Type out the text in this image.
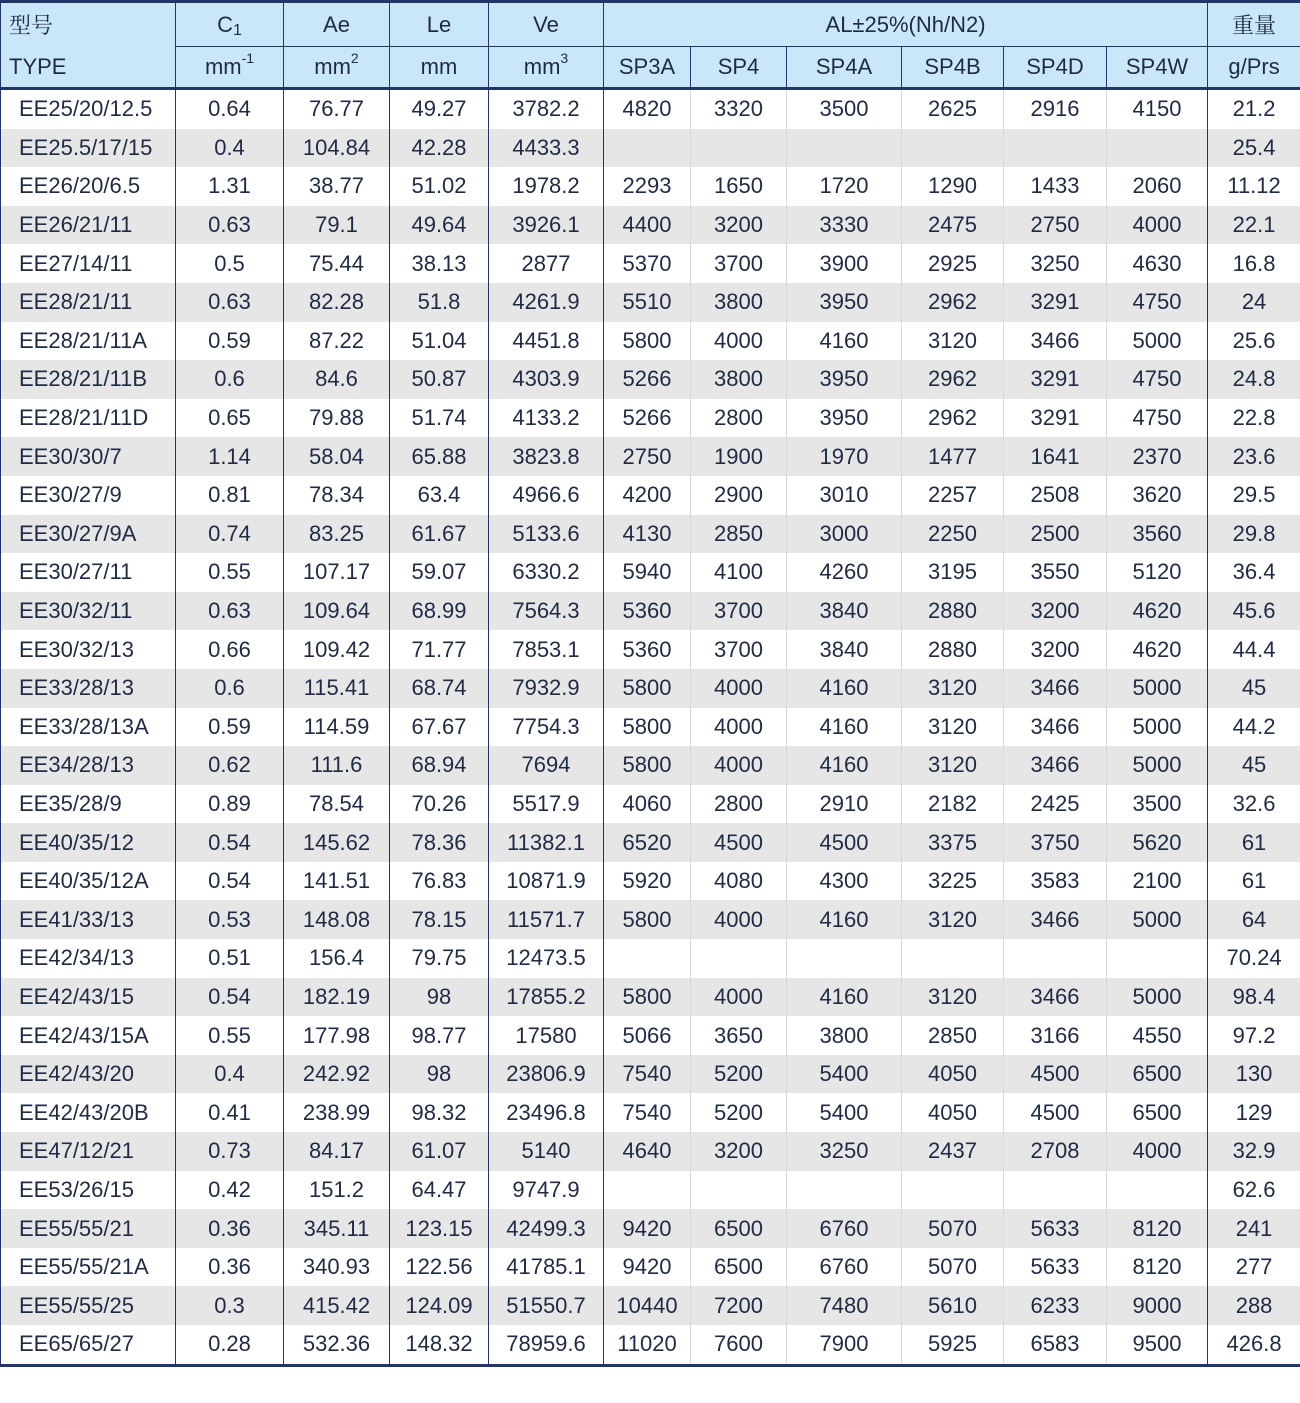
型号	C1	Ae	Le	Ve	AL±25%(Nh/N2)						重量
TYPE	$mm^{-1}$	$mm^2$	mm	$mm^3$	SP3A	SP4	SP4A	SP4B	SP4D	SP4W	g/Prs
EE25/20/12.5	0.64	76.77	49.27	3782.2	4820	3320	3500	2625	2916	4150	21.2
EE25.5/17/15	0.4	104.84	42.28	4433.3							25.4
EE26/20/6.5	1.31	38.77	51.02	1978.2	2293	1650	1720	1290	1433	2060	11.12
EE26/21/11	0.63	79.1	49.64	3926.1	4400	3200	3330	2475	2750	4000	22.1
EE27/14/11	0.5	75.44	38.13	2877	5370	3700	3900	2925	3250	4630	16.8
EE28/21/11	0.63	82.28	51.8	4261.9	5510	3800	3950	2962	3291	4750	24
EE28/21/11A	0.59	87.22	51.04	4451.8	5800	4000	4160	3120	3466	5000	25.6
EE28/21/11B	0.6	84.6	50.87	4303.9	5266	3800	3950	2962	3291	4750	24.8
EE28/21/11D	0.65	79.88	51.74	4133.2	5266	2800	3950	2962	3291	4750	22.8
EE30/30/7	1.14	58.04	65.88	3823.8	2750	1900	1970	1477	1641	2370	23.6
EE30/27/9	0.81	78.34	63.4	4966.6	4200	2900	3010	2257	2508	3620	29.5
EE30/27/9A	0.74	83.25	61.67	5133.6	4130	2850	3000	2250	2500	3560	29.8
EE30/27/11	0.55	107.17	59.07	6330.2	5940	4100	4260	3195	3550	5120	36.4
EE30/32/11	0.63	109.64	68.99	7564.3	5360	3700	3840	2880	3200	4620	45.6
EE30/32/13	0.66	109.42	71.77	7853.1	5360	3700	3840	2880	3200	4620	44.4
EE33/28/13	0.6	115.41	68.74	7932.9	5800	4000	4160	3120	3466	5000	45
EE33/28/13A	0.59	114.59	67.67	7754.3	5800	4000	4160	3120	3466	5000	44.2
EE34/28/13	0.62	111.6	68.94	7694	5800	4000	4160	3120	3466	5000	45
EE35/28/9	0.89	78.54	70.26	5517.9	4060	2800	2910	2182	2425	3500	32.6
EE40/35/12	0.54	145.62	78.36	11382.1	6520	4500	4500	3375	3750	5620	61
EE40/35/12A	0.54	141.51	76.83	10871.9	5920	4080	4300	3225	3583	2100	61
EE41/33/13	0.53	148.08	78.15	11571.7	5800	4000	4160	3120	3466	5000	64
EE42/34/13	0.51	156.4	79.75	12473.5							70.24
EE42/43/15	0.54	182.19	98	17855.2	5800	4000	4160	3120	3466	5000	98.4
EE42/43/15A	0.55	177.98	98.77	17580	5066	3650	3800	2850	3166	4550	97.2
EE42/43/20	0.4	242.92	98	23806.9	7540	5200	5400	4050	4500	6500	130
EE42/43/20B	0.41	238.99	98.32	23496.8	7540	5200	5400	4050	4500	6500	129
EE47/12/21	0.73	84.17	61.07	5140	4640	3200	3250	2437	2708	4000	32.9
EE53/26/15	0.42	151.2	64.47	9747.9							62.6
EE55/55/21	0.36	345.11	123.15	42499.3	9420	6500	6760	5070	5633	8120	241
EE55/55/21A	0.36	340.93	122.56	41785.1	9420	6500	6760	5070	5633	8120	277
EE55/55/25	0.3	415.42	124.09	51550.7	10440	7200	7480	5610	6233	9000	288
EE65/65/27	0.28	532.36	148.32	78959.6	11020	7600	7900	5925	6583	9500	426.8
